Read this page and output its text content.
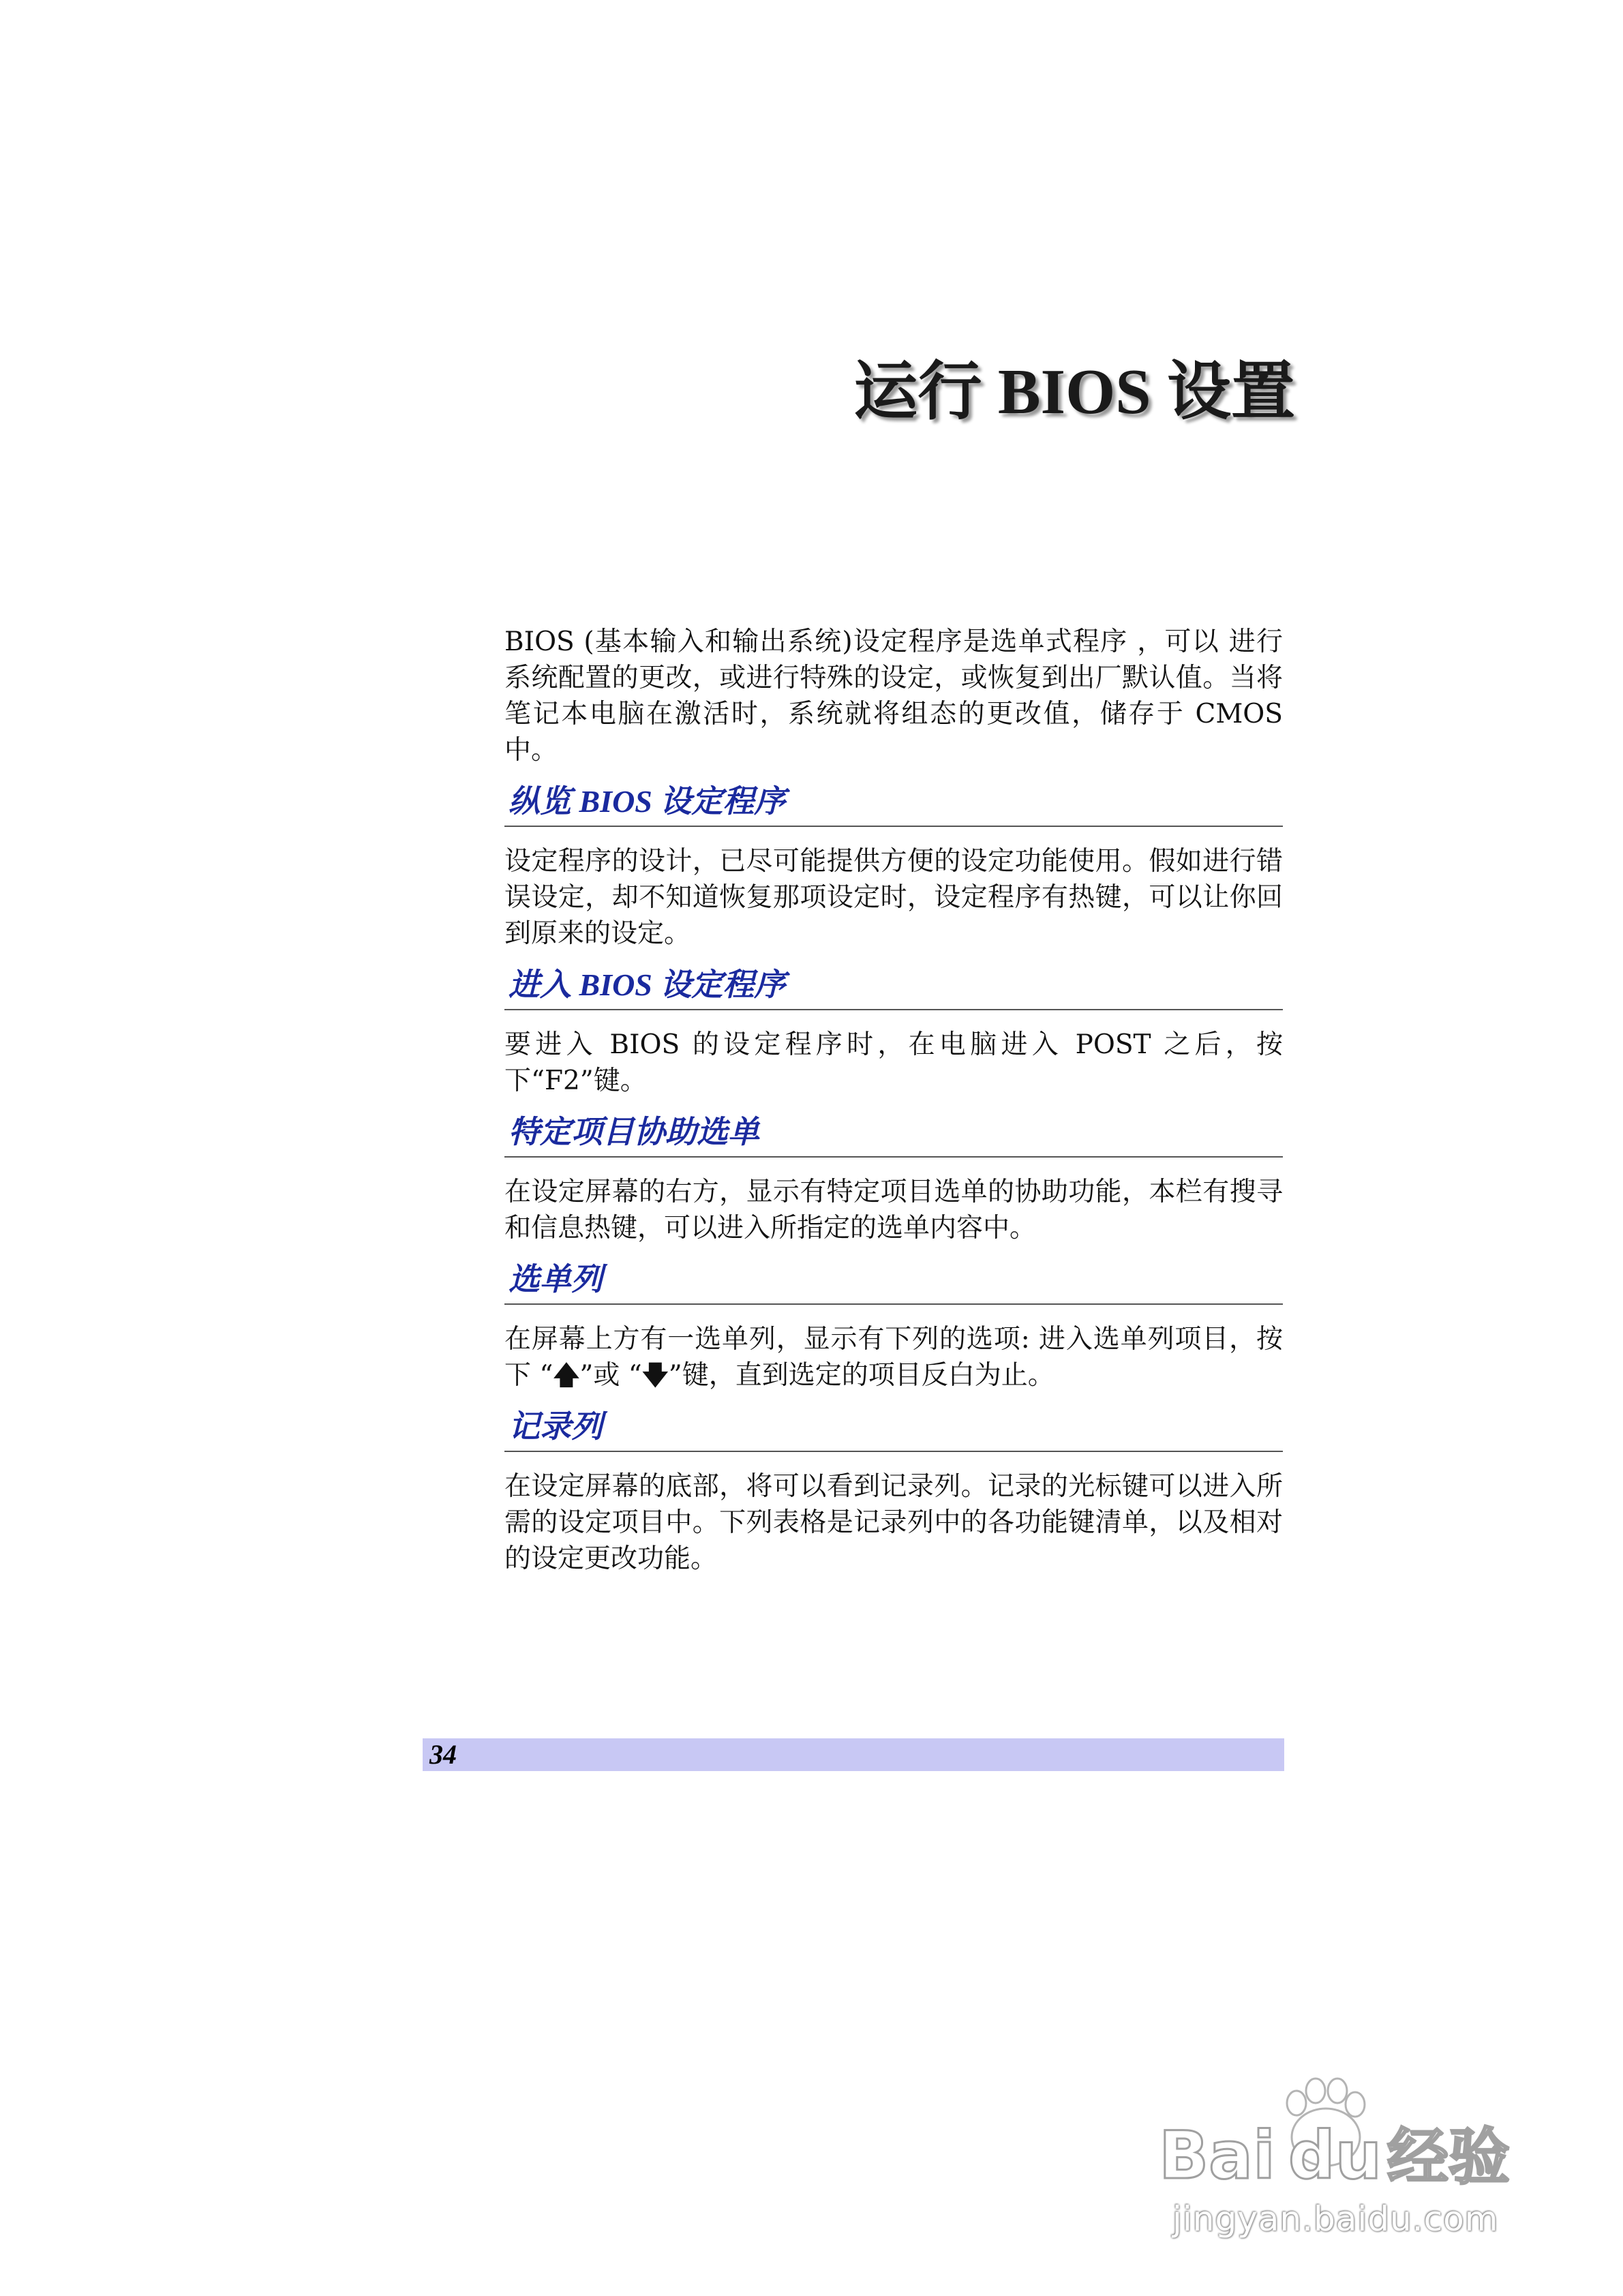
运行 BIOS 设置

BIOS (基本输入和输出系统)设定程序是选单式程序 ，可以 进行系统配置的更改，或进行特殊的设定，或恢复到出厂默认值。当将笔记本电脑在激活时，系统就将组态的更改值，储存于 CMOS 中。

纵览 BIOS 设定程序

设定程序的设计，已尽可能提供方便的设定功能使用。假如进行错误设定，却不知道恢复那项设定时，设定程序有热键，可以让你回到原来的设定。

进入 BIOS 设定程序

要进入 BIOS 的设定程序时，在电脑进入 POST 之后，按下“F2”键。

特定项目协助选单

在设定屏幕的右方，显示有特定项目选单的协助功能，本栏有搜寻和信息热键，可以进入所指定的选单内容中。

选单列

在屏幕上方有一选单列，显示有下列的选项: 进入选单列项目，按下 “🡅”或 “🡇”键，直到选定的项目反白为止。

记录列

在设定屏幕的底部，将可以看到记录列。记录的光标键可以进入所需的设定项目中。下列表格是记录列中的各功能键清单，以及相对的设定更改功能。

34
Bai du 经验
jingyan.baidu.com
